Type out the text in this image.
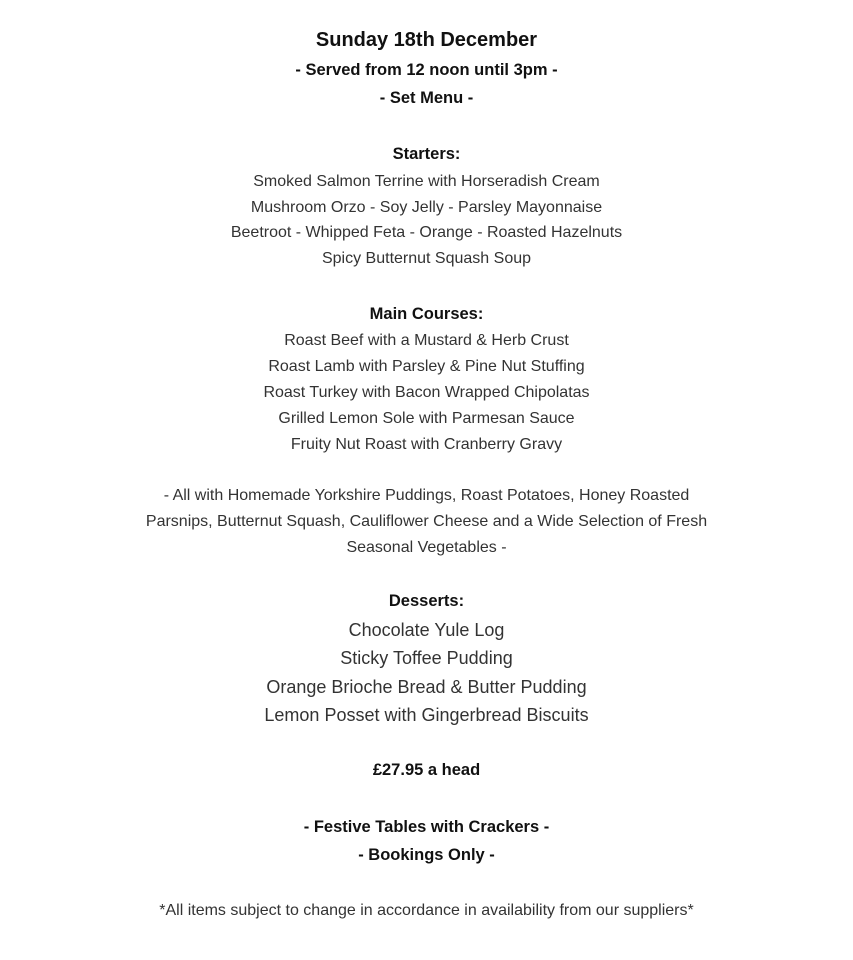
Sunday 18th December
- Served from 12 noon until 3pm -
- Set Menu -
Starters:
Smoked Salmon Terrine with Horseradish Cream
Mushroom Orzo - Soy Jelly - Parsley Mayonnaise
Beetroot - Whipped Feta - Orange - Roasted Hazelnuts
Spicy Butternut Squash Soup
Main Courses:
Roast Beef with a Mustard & Herb Crust
Roast Lamb with Parsley & Pine Nut Stuffing
Roast Turkey with Bacon Wrapped Chipolatas
Grilled Lemon Sole with Parmesan Sauce
Fruity Nut Roast with Cranberry Gravy
- All with Homemade Yorkshire Puddings, Roast Potatoes, Honey Roasted
Parsnips, Butternut Squash, Cauliflower Cheese and a Wide Selection of Fresh
Seasonal Vegetables -
Desserts:
Chocolate Yule Log
Sticky Toffee Pudding
Orange Brioche Bread & Butter Pudding
Lemon Posset with Gingerbread Biscuits
£27.95 a head
- Festive Tables with Crackers -
- Bookings Only -
*All items subject to change in accordance in availability from our suppliers*
